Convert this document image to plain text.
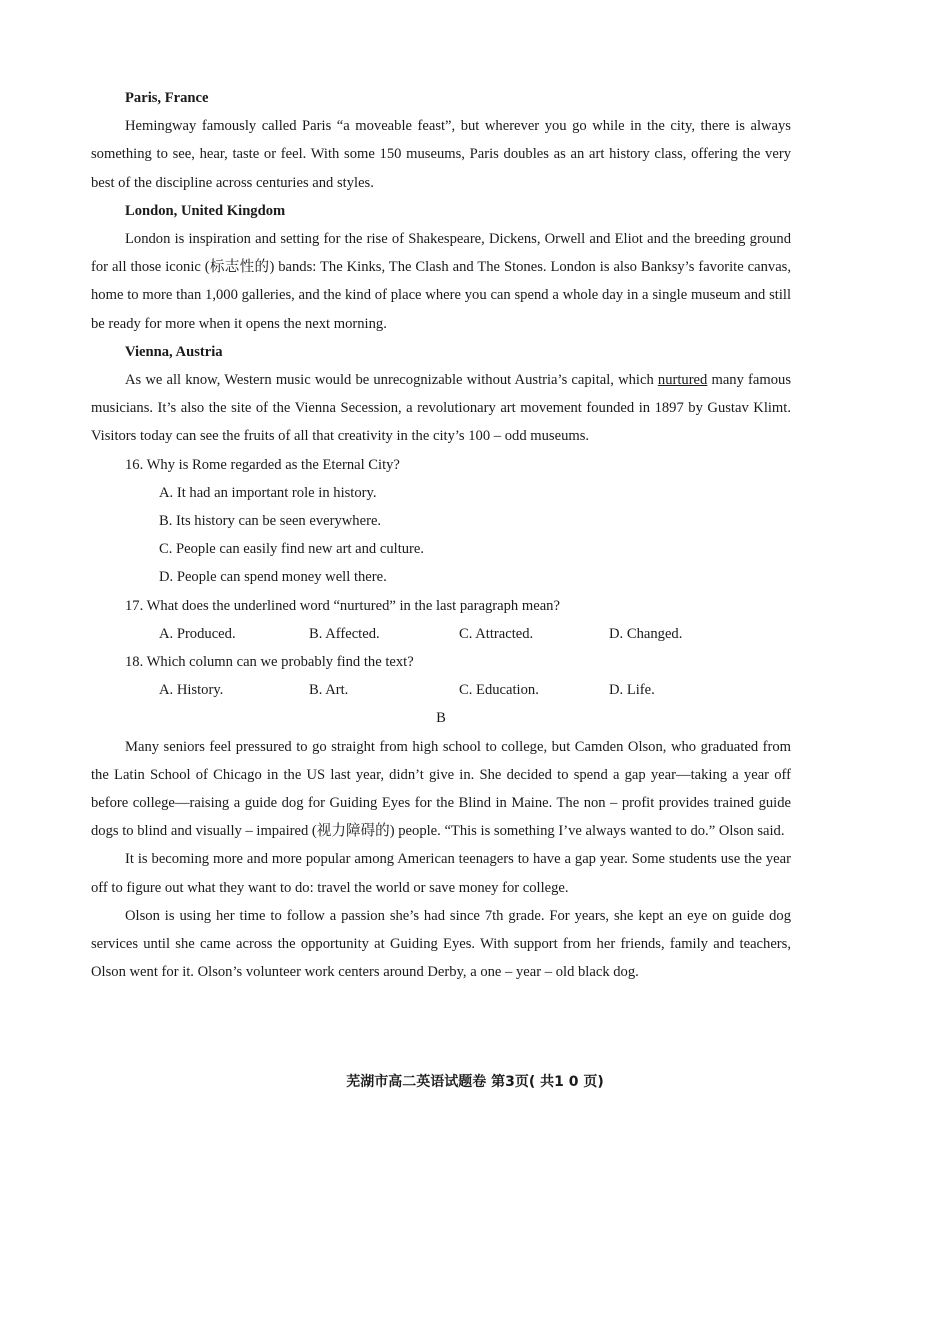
Paris, France

Hemingway famously called Paris “a moveable feast”, but wherever you go while in the city, there is always something to see, hear, taste or feel. With some 150 museums, Paris doubles as an art history class, offering the very best of the discipline across centuries and styles.

London, United Kingdom

London is inspiration and setting for the rise of Shakespeare, Dickens, Orwell and Eliot and the breeding ground for all those iconic (标志性的) bands: The Kinks, The Clash and The Stones. London is also Banksy’s favorite canvas, home to more than 1,000 galleries, and the kind of place where you can spend a whole day in a single museum and still be ready for more when it opens the next morning.

Vienna, Austria

As we all know, Western music would be unrecognizable without Austria’s capital, which nurtured many famous musicians. It’s also the site of the Vienna Secession, a revolutionary art movement founded in 1897 by Gustav Klimt. Visitors today can see the fruits of all that creativity in the city’s 100 – odd museums.

16. Why is Rome regarded as the Eternal City?

A. It had an important role in history.

B. Its history can be seen everywhere.

C. People can easily find new art and culture.

D. People can spend money well there.

17. What does the underlined word “nurtured” in the last paragraph mean?

A. Produced.	B. Affected.	C. Attracted.	D. Changed.

18. Which column can we probably find the text?

A. History.	B. Art.	C. Education.	D. Life.

B

Many seniors feel pressured to go straight from high school to college, but Camden Olson, who graduated from the Latin School of Chicago in the US last year, didn’t give in. She decided to spend a gap year—taking a year off before college—raising a guide dog for Guiding Eyes for the Blind in Maine. The non – profit provides trained guide dogs to blind and visually – impaired (视力障碍的) people. “This is something I’ve always wanted to do.” Olson said.

It is becoming more and more popular among American teenagers to have a gap year. Some students use the year off to figure out what they want to do: travel the world or save money for college.

Olson is using her time to follow a passion she’s had since 7th grade. For years, she kept an eye on guide dog services until she came across the opportunity at Guiding Eyes. With support from her friends, family and teachers, Olson went for it. Olson’s volunteer work centers around Derby, a one – year – old black dog.

芜湖市高二英语试题卷 第3页( 共1 0 页)
